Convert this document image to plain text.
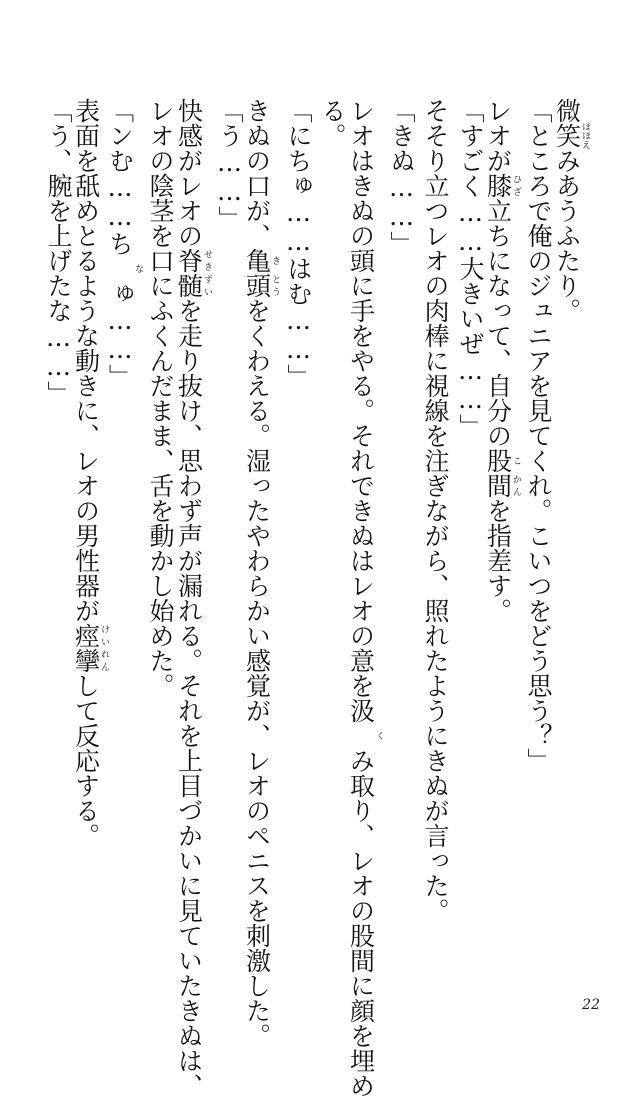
微笑ほほえみあうふたり。
「ところで俺のジュニアを見てくれ。こいつをどう思う？」
レオが膝ひざ立ちになって、自分の股こ間かんを指差す。
「すごく……大きいぜ……」
そそり立つレオの肉棒に視線を注ぎながら、照れたようにきぬが言った。
「きぬ……」
レオはきぬの頭に手をやる。それできぬはレオの意を汲　くみ取り、レオの股間に顔を埋め
る。
「にちゅ……はむ……」
きぬの口が、亀き頭とうをくわえる。湿ったやわらかい感覚が、レオのペニスを刺激した。
「う……」
快感がレオの脊せき髄ずいを走り抜け、思わず声が漏れる。それを上目づかいに見ていたきぬは、
レオの陰茎を口にふくんだまま、舌を動かし始めた。
「ンむ……ち　なゅ……」
表面を舐めとるような動きに、レオの男性器が痙けい攣れんして反応する。
「う、腕を上げたな……」
22
